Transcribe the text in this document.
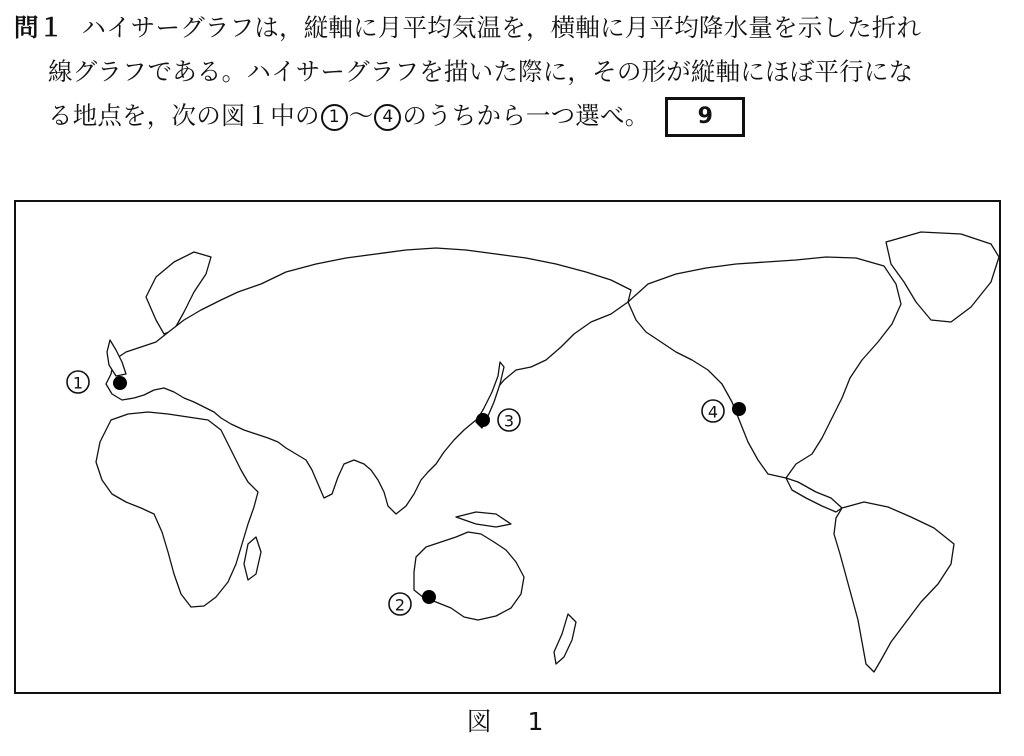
問１ ハイサーグラフは，縦軸に月平均気温を，横軸に月平均降水量を示した折れ
線グラフである。ハイサーグラフを描いた際に，その形が縦軸にほぼ平行にな
る地点を，次の図１中の 1 〜 4 のうちから一つ選べ。 9
1
2
3	4
図 1
